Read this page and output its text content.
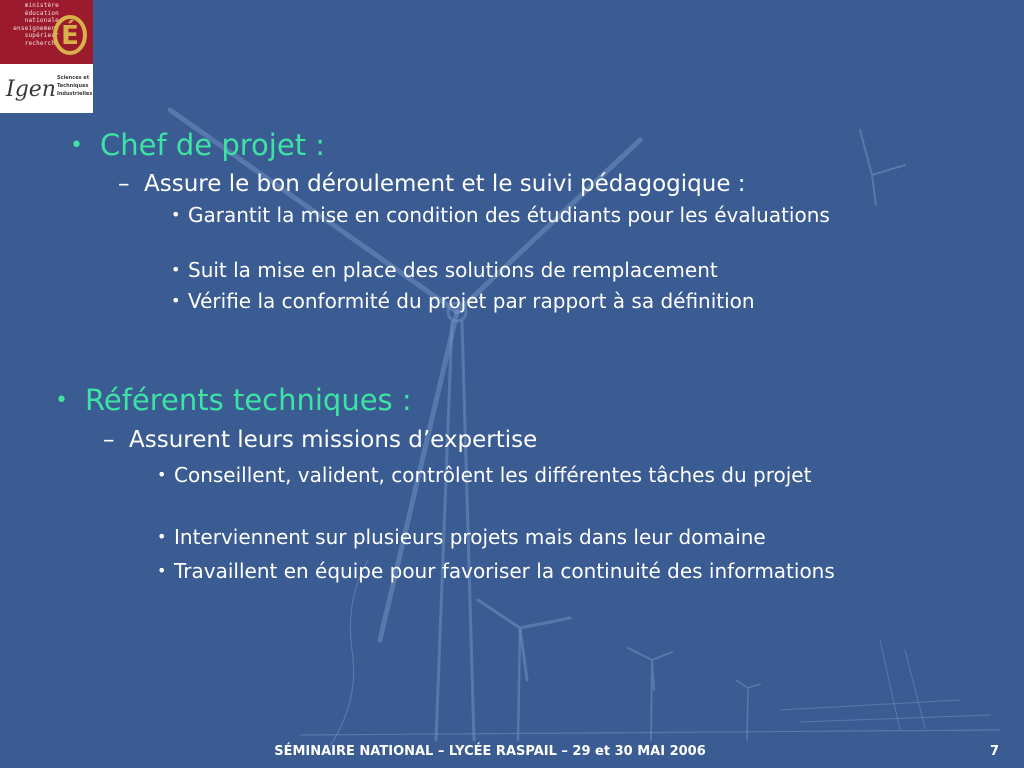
ministère
éducation
nationale
enseignement
supérieur
recherche É
Igen Sciences et
Techniques
Industrielles
• Chef de projet :
– Assure le bon déroulement et le suivi pédagogique :
• Garantit la mise en condition des étudiants pour les évaluations
• Suit la mise en place des solutions de remplacement
• Vérifie la conformité du projet par rapport à sa définition
• Référents techniques :
– Assurent leurs missions d’expertise
• Conseillent, valident, contrôlent les différentes tâches du projet
• Interviennent sur plusieurs projets mais dans leur domaine
• Travaillent en équipe pour favoriser la continuité des informations
SÉMINAIRE NATIONAL – LYCÉE RASPAIL – 29 et 30 MAI 2006	7
